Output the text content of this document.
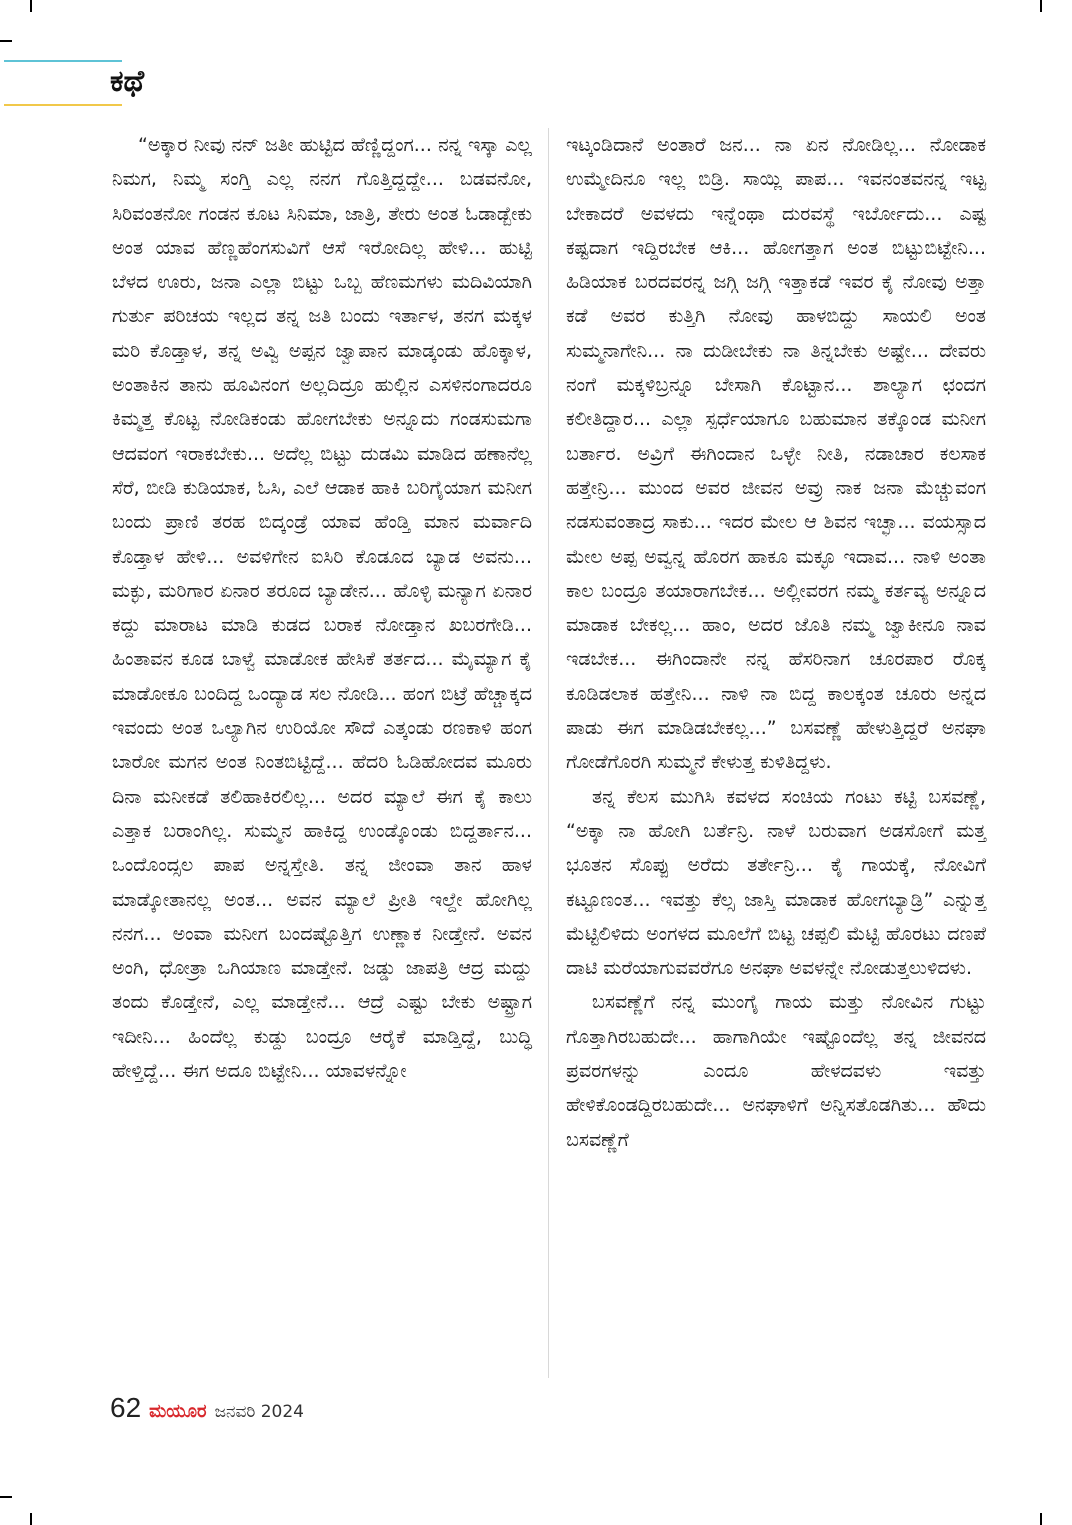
ಕಥೆ

“ಅಕ್ಕಾರ ನೀವು ನನ್ ಜತೀ ಹುಟ್ಟಿದ ಹೆಣ್ಣಿದ್ದಂಗ... ನನ್ನ ಇಸ್ಕಾ ಎಲ್ಲ ನಿಮಗ, ನಿಮ್ಮ ಸಂಗ್ತಿ ಎಲ್ಲ ನನಗ ಗೊತ್ತಿದ್ದದ್ದೇ... ಬಡವನೋ, ಸಿರಿವಂತನೋ ಗಂಡನ ಕೂಟ ಸಿನಿಮಾ, ಜಾತ್ರಿ, ತೇರು ಅಂತ ಓಡಾಡ್ಬೇಕು ಅಂತ ಯಾವ ಹೆಣ್ಣಹೆಂಗಸುವಿಗೆ ಆಸೆ ಇರೋದಿಲ್ಲ ಹೇಳಿ... ಹುಟ್ಟಿ ಬೆಳದ ಊರು, ಜನಾ ಎಲ್ಲಾ ಬಿಟ್ಟು ಒಬ್ಬ ಹೆಣಮಗಳು ಮದಿವಿಯಾಗಿ ಗುರ್ತು ಪರಿಚಯ ಇಲ್ಲದ ತನ್ನ ಜತಿ ಬಂದು ಇರ್ತಾಳ, ತನಗ ಮಕ್ಕಳ ಮರಿ ಕೊಡ್ತಾಳ, ತನ್ನ ಅವ್ವಿ ಅಪ್ಪನ ಜ್ವಾಪಾನ ಮಾಡ್ಕಂಡು ಹೊಕ್ಕಾಳ, ಅಂತಾಕಿನ ತಾನು ಹೂವಿನಂಗ ಅಲ್ಲದಿದ್ರೂ ಹುಲ್ಲಿನ ಎಸಳಿನಂಗಾದರೂ ಕಿಮ್ಮತ್ತ ಕೊಟ್ಟ ನೋಡಿಕಂಡು ಹೋಗಬೇಕು ಅನ್ನೂದು ಗಂಡಸುಮಗಾ ಆದವಂಗ ಇರಾಕಬೇಕು... ಅದೆಲ್ಲ ಬಿಟ್ಟು ದುಡಮಿ ಮಾಡಿದ ಹಣಾನೆಲ್ಲ ಸೆರೆ, ಬೀಡಿ ಕುಡಿಯಾಕ, ಓಸಿ, ಎಲೆ ಆಡಾಕ ಹಾಕಿ ಬರಿಗೈಯಾಗ ಮನೀಗ ಬಂದು ಪ್ರಾಣಿ ತರಹ ಬಿದ್ಕಂಡ್ರೆ ಯಾವ ಹೆಂಡ್ತಿ ಮಾನ ಮರ್ವಾದಿ ಕೊಡ್ತಾಳ ಹೇಳಿ... ಅವಳಿಗೇನ ಐಸಿರಿ ಕೊಡೂದ ಬ್ಯಾಡ ಅವನು... ಮಕ್ಳು, ಮರಿಗಾರ ಏನಾರ ತರೂದ ಬ್ಯಾಡೇನ... ಹೊಳ್ಳಿ ಮನ್ಯಾಗ ಏನಾರ ಕದ್ದು ಮಾರಾಟ ಮಾಡಿ ಕುಡದ ಬರಾಕ ನೋಡ್ತಾನ ಖಬರಗೇಡಿ... ಹಿಂತಾವನ ಕೂಡ ಬಾಳ್ವೆ ಮಾಡೋಕ ಹೇಸಿಕೆ ತರ್ತದ... ಮೈಮ್ಯಾಗ ಕೈ ಮಾಡೋಕೂ ಬಂದಿದ್ದ ಒಂದ್ಯಾಡ ಸಲ ನೋಡಿ... ಹಂಗ ಬಿಟ್ರೆ ಹೆಚ್ಚಾಕ್ಕದ ಇವಂದು ಅಂತ ಒಲ್ಯಾಗಿನ ಉರಿಯೋ ಸೌದೆ ಎತ್ಕಂಡು ರಣಕಾಳಿ ಹಂಗ ಬಾರೋ ಮಗನ ಅಂತ ನಿಂತಬಿಟ್ಟಿದ್ದೆ... ಹೆದರಿ ಓಡಿಹೋದವ ಮೂರು ದಿನಾ ಮನೀಕಡೆ ತಲಿಹಾಕಿರಲಿಲ್ಲ... ಅದರ ಮ್ಯಾಲೆ ಈಗ ಕೈ ಕಾಲು ಎತ್ತಾಕ ಬರಾಂಗಿಲ್ಲ. ಸುಮ್ಮನ ಹಾಕಿದ್ದ ಉಂಡ್ಕೊಂಡು ಬಿದ್ದರ್ತಾನ... ಒಂದೊಂದ್ಸಲ ಪಾಪ ಅನ್ನಸ್ತೇತಿ. ತನ್ನ ಜೀಂವಾ ತಾನ ಹಾಳ ಮಾಡ್ಕೋತಾನಲ್ಲ ಅಂತ... ಅವನ ಮ್ಯಾಲೆ ಪ್ರೀತಿ ಇಲ್ದೇ ಹೋಗಿಲ್ಲ ನನಗ... ಅಂವಾ ಮನೀಗ ಬಂದಷ್ಟೊತ್ತಿಗ ಉಣ್ಣಾಕ ನೀಡ್ತೇನೆ. ಅವನ ಅಂಗಿ, ಧೋತ್ರಾ ಒಗಿಯಾಣ ಮಾಡ್ತೇನೆ. ಜಡ್ಡು ಜಾಪತ್ರಿ ಆದ್ರ ಮದ್ದು ತಂದು ಕೊಡ್ತೇನೆ, ಎಲ್ಲ ಮಾಡ್ತೇನೆ... ಆದ್ರೆ ಎಷ್ಟು ಬೇಕು ಅಷ್ಟ್ರಾಗ ಇದೀನಿ... ಹಿಂದೆಲ್ಲ ಕುಡ್ದು ಬಂದ್ರೂ ಆರೈಕೆ ಮಾಡ್ತಿದ್ದೆ, ಬುದ್ಧಿ ಹೇಳ್ತಿದ್ದೆ... ಈಗ ಅದೂ ಬಿಟ್ಟೇನಿ... ಯಾವಳನ್ನೋ

ಇಟ್ಕಂಡಿದಾನೆ ಅಂತಾರೆ ಜನ... ನಾ ಏನ ನೋಡಿಲ್ಲ... ನೋಡಾಕ ಉಮ್ಮೇದಿನೂ ಇಲ್ಲ ಬಿಡ್ರಿ. ಸಾಯ್ಲಿ ಪಾಪ... ಇವನಂತವನನ್ನ ಇಟ್ಟ ಬೇಕಾದರೆ ಅವಳದು ಇನ್ನೆಂಥಾ ದುರವಸ್ಥೆ ಇರ್ಬೋದು... ಎಷ್ಟ ಕಷ್ಟದಾಗ ಇದ್ದಿರಬೇಕ ಆಕಿ... ಹೋಗತ್ತಾಗ ಅಂತ ಬಿಟ್ಟುಬಿಟ್ಟೇನಿ... ಹಿಡಿಯಾಕ ಬರದವರನ್ನ ಜಗ್ಗಿ ಜಗ್ಗಿ ಇತ್ತಾಕಡೆ ಇವರ ಕೈ ನೋವು ಅತ್ತಾ ಕಡೆ ಅವರ ಕುತ್ತಿಗಿ ನೋವು ಹಾಳಬಿದ್ದು ಸಾಯಲಿ ಅಂತ ಸುಮ್ಮನಾಗೇನಿ... ನಾ ದುಡೀಬೇಕು ನಾ ತಿನ್ನಬೇಕು ಅಷ್ಟೇ... ದೇವರು ನಂಗೆ ಮಕ್ಕಳಿಬ್ರನ್ನೂ ಬೇಸಾಗಿ ಕೊಟ್ಟಾನ... ಶಾಲ್ಯಾಗ ಛಂದಗ ಕಲೀತಿದ್ದಾರ... ಎಲ್ಲಾ ಸ್ಪರ್ಧೆಯಾಗೂ ಬಹುಮಾನ ತಕ್ಕೊಂಡ ಮನೀಗ ಬರ್ತಾರ. ಅವ್ರಿಗೆ ಈಗಿಂದಾನ ಒಳ್ಳೇ ನೀತಿ, ನಡಾಚಾರ ಕಲಸಾಕ ಹತ್ತೇನ್ರಿ... ಮುಂದ ಅವರ ಜೀವನ ಅವ್ರು ನಾಕ ಜನಾ ಮೆಚ್ಚುವಂಗ ನಡಸುವಂತಾದ್ರ ಸಾಕು... ಇದರ ಮೇಲ ಆ ಶಿವನ ಇಚ್ಛಾ... ವಯಸ್ಸಾದ ಮೇಲ ಅಪ್ಪ ಅವ್ವನ್ನ ಹೊರಗ ಹಾಕೂ ಮಕ್ಳೂ ಇದಾವ... ನಾಳಿ ಅಂತಾ ಕಾಲ ಬಂದ್ರೂ ತಯಾರಾಗಬೇಕ... ಅಲ್ಲೀವರಗ ನಮ್ಮ ಕರ್ತವ್ಯ ಅನ್ನೂದ ಮಾಡಾಕ ಬೇಕಲ್ಲ... ಹಾಂ, ಅದರ ಜೊತಿ ನಮ್ಮ ಜ್ವಾಕೀನೂ ನಾವ ಇಡಬೇಕ... ಈಗಿಂದಾನೇ ನನ್ನ ಹೆಸರಿನಾಗ ಚೂರಪಾರ ರೊಕ್ಕ ಕೂಡಿಡಲಾಕ ಹತ್ತೇನಿ... ನಾಳಿ ನಾ ಬಿದ್ದ ಕಾಲಕ್ಕಂತ ಚೂರು ಅನ್ನದ ಪಾಡು ಈಗ ಮಾಡಿಡಬೇಕಲ್ಲ...” ಬಸವಣ್ಣೆ ಹೇಳುತ್ತಿದ್ದರೆ ಅನಘಾ ಗೋಡೆಗೊರಗಿ ಸುಮ್ಮನೆ ಕೇಳುತ್ತ ಕುಳಿತಿದ್ದಳು.

ತನ್ನ ಕೆಲಸ ಮುಗಿಸಿ ಕವಳದ ಸಂಚಿಯ ಗಂಟು ಕಟ್ಟಿ ಬಸವಣ್ಣೆ, “ಅಕ್ಕಾ ನಾ ಹೋಗಿ ಬರ್ತೆನ್ರಿ. ನಾಳೆ ಬರುವಾಗ ಅಡಸೋಗೆ ಮತ್ತ ಭೂತನ ಸೊಪ್ಪು ಅರೆದು ತರ್ತೇನ್ರಿ... ಕೈ ಗಾಯಕ್ಕೆ, ನೋವಿಗೆ ಕಟ್ಟೂಣಂತ... ಇವತ್ತು ಕೆಲ್ಸ ಜಾಸ್ತಿ ಮಾಡಾಕ ಹೋಗಬ್ಯಾಡ್ರಿ” ಎನ್ನುತ್ತ ಮೆಟ್ಟಿಲಿಳಿದು ಅಂಗಳದ ಮೂಲೆಗೆ ಬಿಟ್ಟ ಚಪ್ಪಲಿ ಮೆಟ್ಟಿ ಹೊರಟು ದಣಪೆ ದಾಟಿ ಮರೆಯಾಗುವವರೆಗೂ ಅನಘಾ ಅವಳನ್ನೇ ನೋಡುತ್ತಲುಳಿದಳು.

ಬಸವಣ್ಣೆಗೆ ನನ್ನ ಮುಂಗೈ ಗಾಯ ಮತ್ತು ನೋವಿನ ಗುಟ್ಟು ಗೊತ್ತಾಗಿರಬಹುದೇ... ಹಾಗಾಗಿಯೇ ಇಷ್ಟೊಂದೆಲ್ಲ ತನ್ನ ಜೀವನದ ಪ್ರವರಗಳನ್ನು ಎಂದೂ ಹೇಳದವಳು ಇವತ್ತು ಹೇಳಿಕೊಂಡದ್ದಿರಬಹುದೇ... ಅನಘಾಳಿಗೆ ಅನ್ನಿಸತೊಡಗಿತು... ಹೌದು ಬಸವಣ್ಣೆಗೆ

62 ಮಯೂರ ಜನವರಿ 2024
